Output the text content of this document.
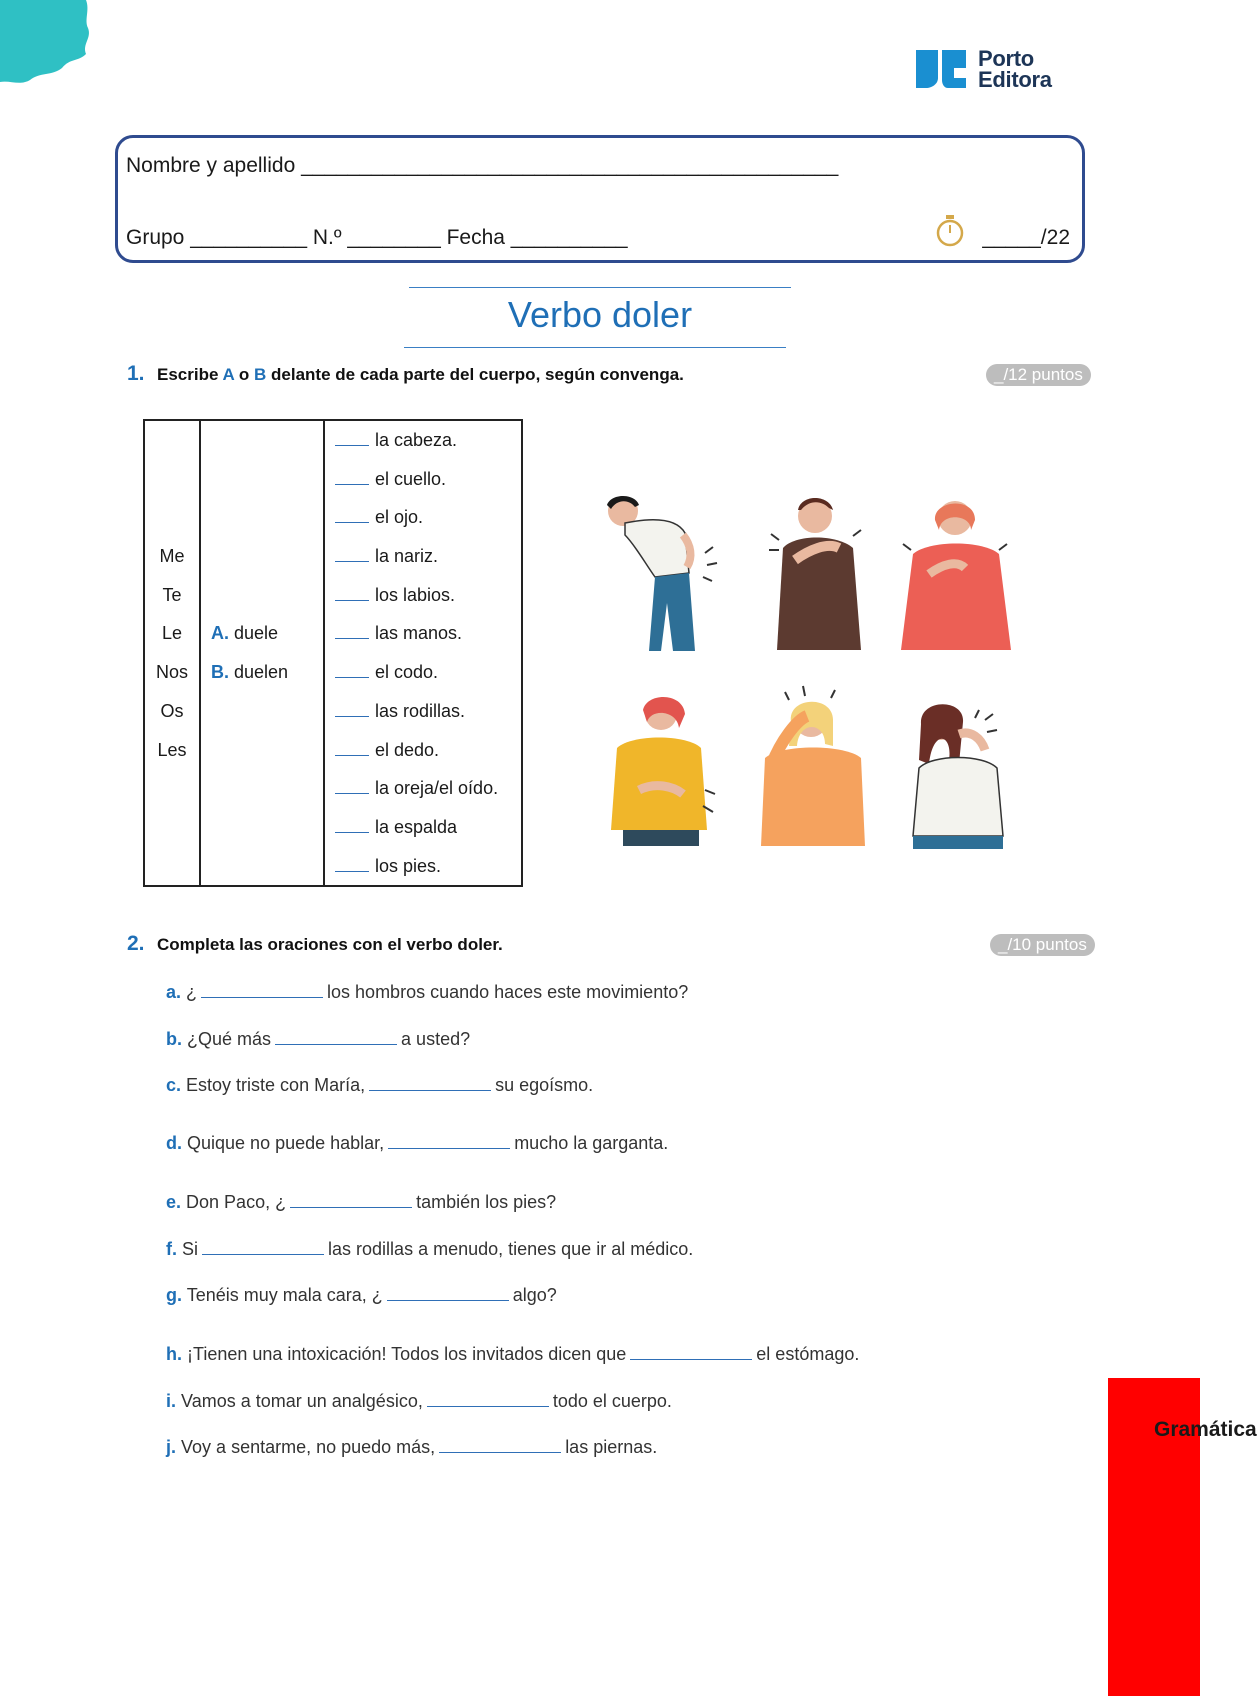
Porto
Editora
Nombre y apellido ______________________________________________
Grupo __________ N.º ________ Fecha __________	_____/22
Verbo doler
1. Escribe A o B delante de cada parte del cuerpo, según convenga.	_/12 puntos
Me
Te
Le
Nos
Os
Les

A. duele
B. duelen

la cabeza.
el cuello.
el ojo.
la nariz.
los labios.
las manos.
el codo.
las rodillas.
el dedo.
la oreja/el oído.
la espalda
los pies.
2. Completa las oraciones con el verbo doler.	_/10 puntos
a. ¿	los hombros cuando haces este movimiento?
b. ¿Qué más	a usted?
c. Estoy triste con María,	su egoísmo.
d. Quique no puede hablar,	mucho la garganta.
e. Don Paco, ¿	también los pies?
f. Si	las rodillas a menudo, tienes que ir al médico.
g. Tenéis muy mala cara, ¿	algo?
h. ¡Tienen una intoxicación! Todos los invitados dicen que	el estómago.
i. Vamos a tomar un analgésico,	todo el cuerpo.
j. Voy a sentarme, no puedo más,	las piernas.
Gramática
